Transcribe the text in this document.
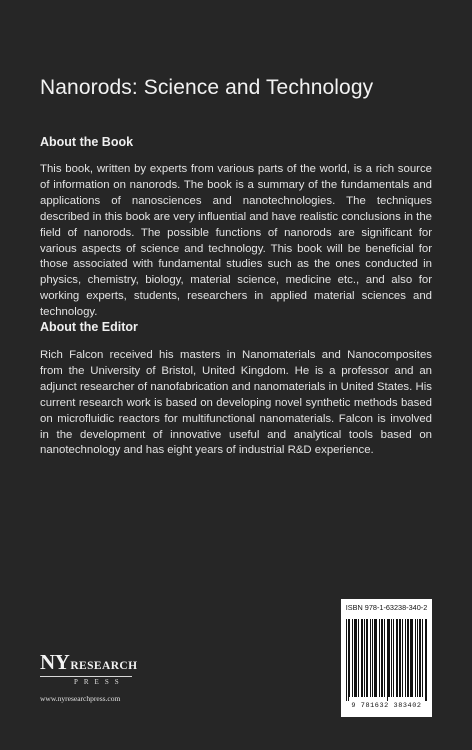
Nanorods: Science and Technology
About the Book

This book, written by experts from various parts of the world, is a rich source of information on nanorods. The book is a summary of the fundamentals and applications of nanosciences and nanotechnologies. The techniques described in this book are very influential and have realistic conclusions in the field of nanorods. The possible functions of nanorods are significant for various aspects of science and technology. This book will be beneficial for those associated with fundamental studies such as the ones conducted in physics, chemistry, biology, material science, medicine etc., and also for working experts, students, researchers in applied material sciences and technology.

About the Editor

Rich Falcon received his masters in Nanomaterials and Nanocomposites from the University of Bristol, United Kingdom. He is a professor and an adjunct researcher of nanofabrication and nanomaterials in United States. His current research work is based on developing novel synthetic methods based on microfluidic reactors for multifunctional nanomaterials. Falcon is involved in the development of innovative useful and analytical tools based on nanotechnology and has eight years of industrial R&D experience.

NY RESEARCH
PRESS
www.nyresearchpress.com
ISBN 978-1-63238-340-2
9 781632 383402
